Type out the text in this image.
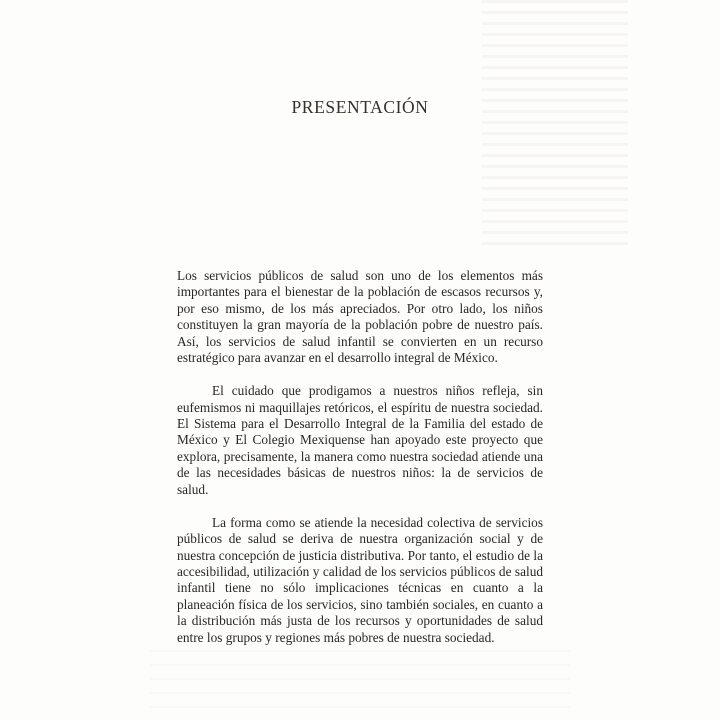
PRESENTACIÓN

Los servicios públicos de salud son uno de los elementos más importantes para el bienestar de la población de escasos recursos y, por eso mismo, de los más apreciados. Por otro lado, los niños constituyen la gran mayoría de la población pobre de nuestro país. Así, los servicios de salud infantil se convierten en un recurso estratégico para avanzar en el desarrollo integral de México.

El cuidado que prodigamos a nuestros niños refleja, sin eufemismos ni maquillajes retóricos, el espíritu de nuestra sociedad. El Sistema para el Desarrollo Integral de la Familia del estado de México y El Colegio Mexiquense han apoyado este proyecto que explora, precisamente, la manera como nuestra sociedad atiende una de las necesidades básicas de nuestros niños: la de servicios de salud.

La forma como se atiende la necesidad colectiva de servicios públicos de salud se deriva de nuestra organización social y de nuestra concepción de justicia distributiva. Por tanto, el estudio de la accesibilidad, utilización y calidad de los servicios públicos de salud infantil tiene no sólo implicaciones técnicas en cuanto a la planeación física de los servicios, sino también sociales, en cuanto a la distribución más justa de los recursos y oportunidades de salud entre los grupos y regiones más pobres de nuestra sociedad.
